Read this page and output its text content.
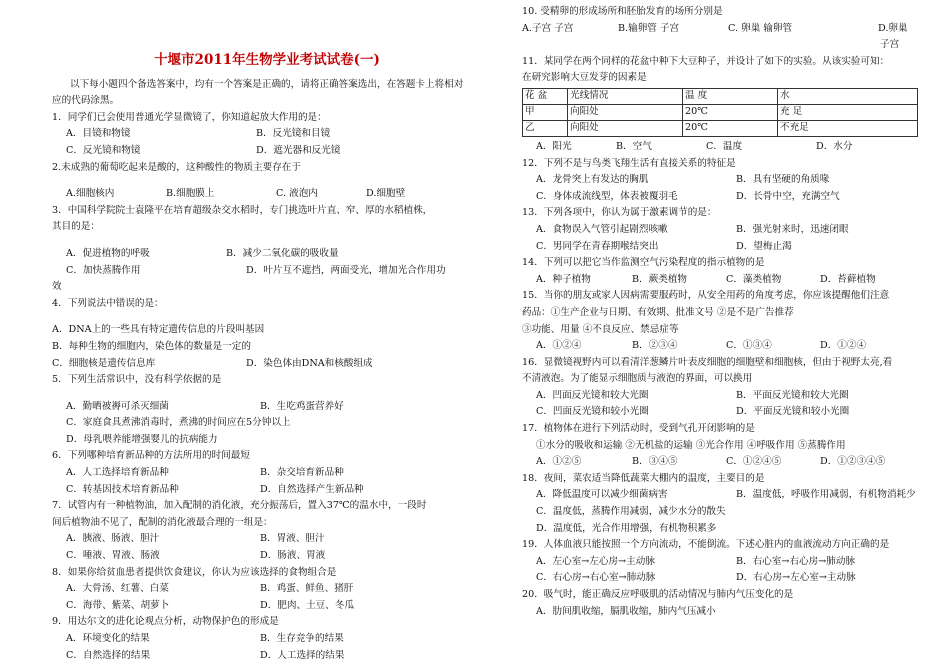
十堰市2011年生物学业考试试卷(一)
以下每小题四个备选答案中，均有一个答案是正确的，请将正确答案选出，在答题卡上将相对应的代码涂黑。
1．同学们已会使用普通光学显微镜了，你知道起放大作用的是：
A．目镜和物镜	B．反光镜和目镜
C．反光镜和物镜	D．遮光器和反光镜
2.未成熟的葡萄吃起来是酸的，这种酸性的物质主要存在于
A.细胞核内	B.细胞膜上	C. 液泡内	D.细胞壁
3．中国科学院院士袁隆平在培育超级杂交水稻时，专门挑选叶片直、窄、厚的水稻植株，
其目的是：
A．促进植物的呼吸	B．减少二氧化碳的吸收量
C．加快蒸腾作用	D．叶片互不遮挡，两面受光，增加光合作用功
效
4．下列说法中错误的是：
A．DNA上的一些具有特定遗传信息的片段叫基因
B．每种生物的细胞内，染色体的数量是一定的
C．细胞核是遗传信息库	D．染色体由DNA和核酸组成
5．下列生活常识中，没有科学依据的是
A．勤晒被褥可杀灭细菌	B．生吃鸡蛋营养好
C．家庭食具煮沸消毒时，煮沸的时间应在5分钟以上
D．母乳喂养能增强婴儿的抗病能力
6．下列哪种培育新品种的方法所用的时间最短
A．人工选择培育新品种	B．杂交培育新品种
C．转基因技术培育新品种	D．自然选择产生新品种
7．试管内有一种植物油，加入配制的消化液，充分振荡后，置入37℃的温水中，一段时
间后植物油不见了，配制的消化液最合理的一组是：
A．胰液、肠液、胆汁	B．胃液、胆汁
C．唾液、胃液、肠液	D．肠液、胃液
8．如果你给贫血患者提供饮食建议，你认为应该选择的食物组合是
A．大骨汤、红薯、白菜	B．鸡蛋、鲜鱼、猪肝
C．海带、紫菜、胡萝卜	D．肥肉、土豆、冬瓜
9．用达尔文的进化论观点分析，动物保护色的形成是
A．环境变化的结果	B．生存竞争的结果
C．自然选择的结果	D．人工选择的结果
10. 受精卵的形成场所和胚胎发育的场所分别是
A.子宫 子宫	B.输卵管 子宫	C. 卵巢 输卵管	D.卵巢
子宫
11．某同学在两个同样的花盆中种下大豆种子，并设计了如下的实验。从该实验可知：
在研究影响大豆发芽的因素是
花 盆	光线情况	温 度	水
甲	向阳处	20℃	充 足
乙	向阳处	20℃	不充足
A．阳光	B．空气	C．温度	D．水分
12．下列不是与鸟类飞翔生活有直接关系的特征是
A．龙骨突上有发达的胸肌	B．具有坚硬的角质喙
C．身体成流线型，体表被覆羽毛	D．长骨中空，充满空气
13．下列各项中，你认为属于激素调节的是：
A．食物误入气管引起剧烈咳嗽	B．强光射来时，迅速闭眼
C．男同学在青春期喉结突出	D．望梅止渴
14．下列可以把它当作监测空气污染程度的指示植物的是
A．种子植物	B．蕨类植物	C．藻类植物	D．苔藓植物
15．当你的朋友或家人因病需要服药时，从安全用药的角度考虑，你应该提醒他们注意
药品：①生产企业与日期、有效期、批准文号 ②是不是广告推荐
③功能、用量 ④不良反应、禁忌症等
A．①②④	B．②③④	C．①③④	D．①②④
16．显微镜视野内可以看清洋葱鳞片叶表皮细胞的细胞壁和细胞核，但由于视野太亮,看
不清液泡。为了能显示细胞质与液泡的界面，可以换用
A．凹面反光镜和较大光圈	B．平面反光镜和较大光圈
C．凹面反光镜和较小光圈	D．平面反光镜和较小光圈
17．植物体在进行下列活动时，受到气孔开闭影响的是
①水分的吸收和运输 ②无机盐的运输 ③光合作用 ④呼吸作用 ⑤蒸腾作用
A．①②⑤	B．③④⑤	C．①②④⑤	D．①②③④⑤
18．夜间，菜农适当降低蔬菜大棚内的温度，主要目的是
A．降低温度可以减少细菌病害	B．温度低，呼吸作用减弱，有机物消耗少
C．温度低，蒸腾作用减弱，减少水分的散失
D．温度低，光合作用增强，有机物积累多
19．人体血液只能按照一个方向流动，不能倒流。下述心脏内的血液流动方向正确的是
A．左心室→左心房→主动脉	B．右心室→右心房→肺动脉
C．右心房→右心室→肺动脉	D．右心房→左心室→主动脉
20．吸气时，能正确反应呼吸肌的活动情况与肺内气压变化的是
A．肋间肌收缩，膈肌收缩，肺内气压减小
